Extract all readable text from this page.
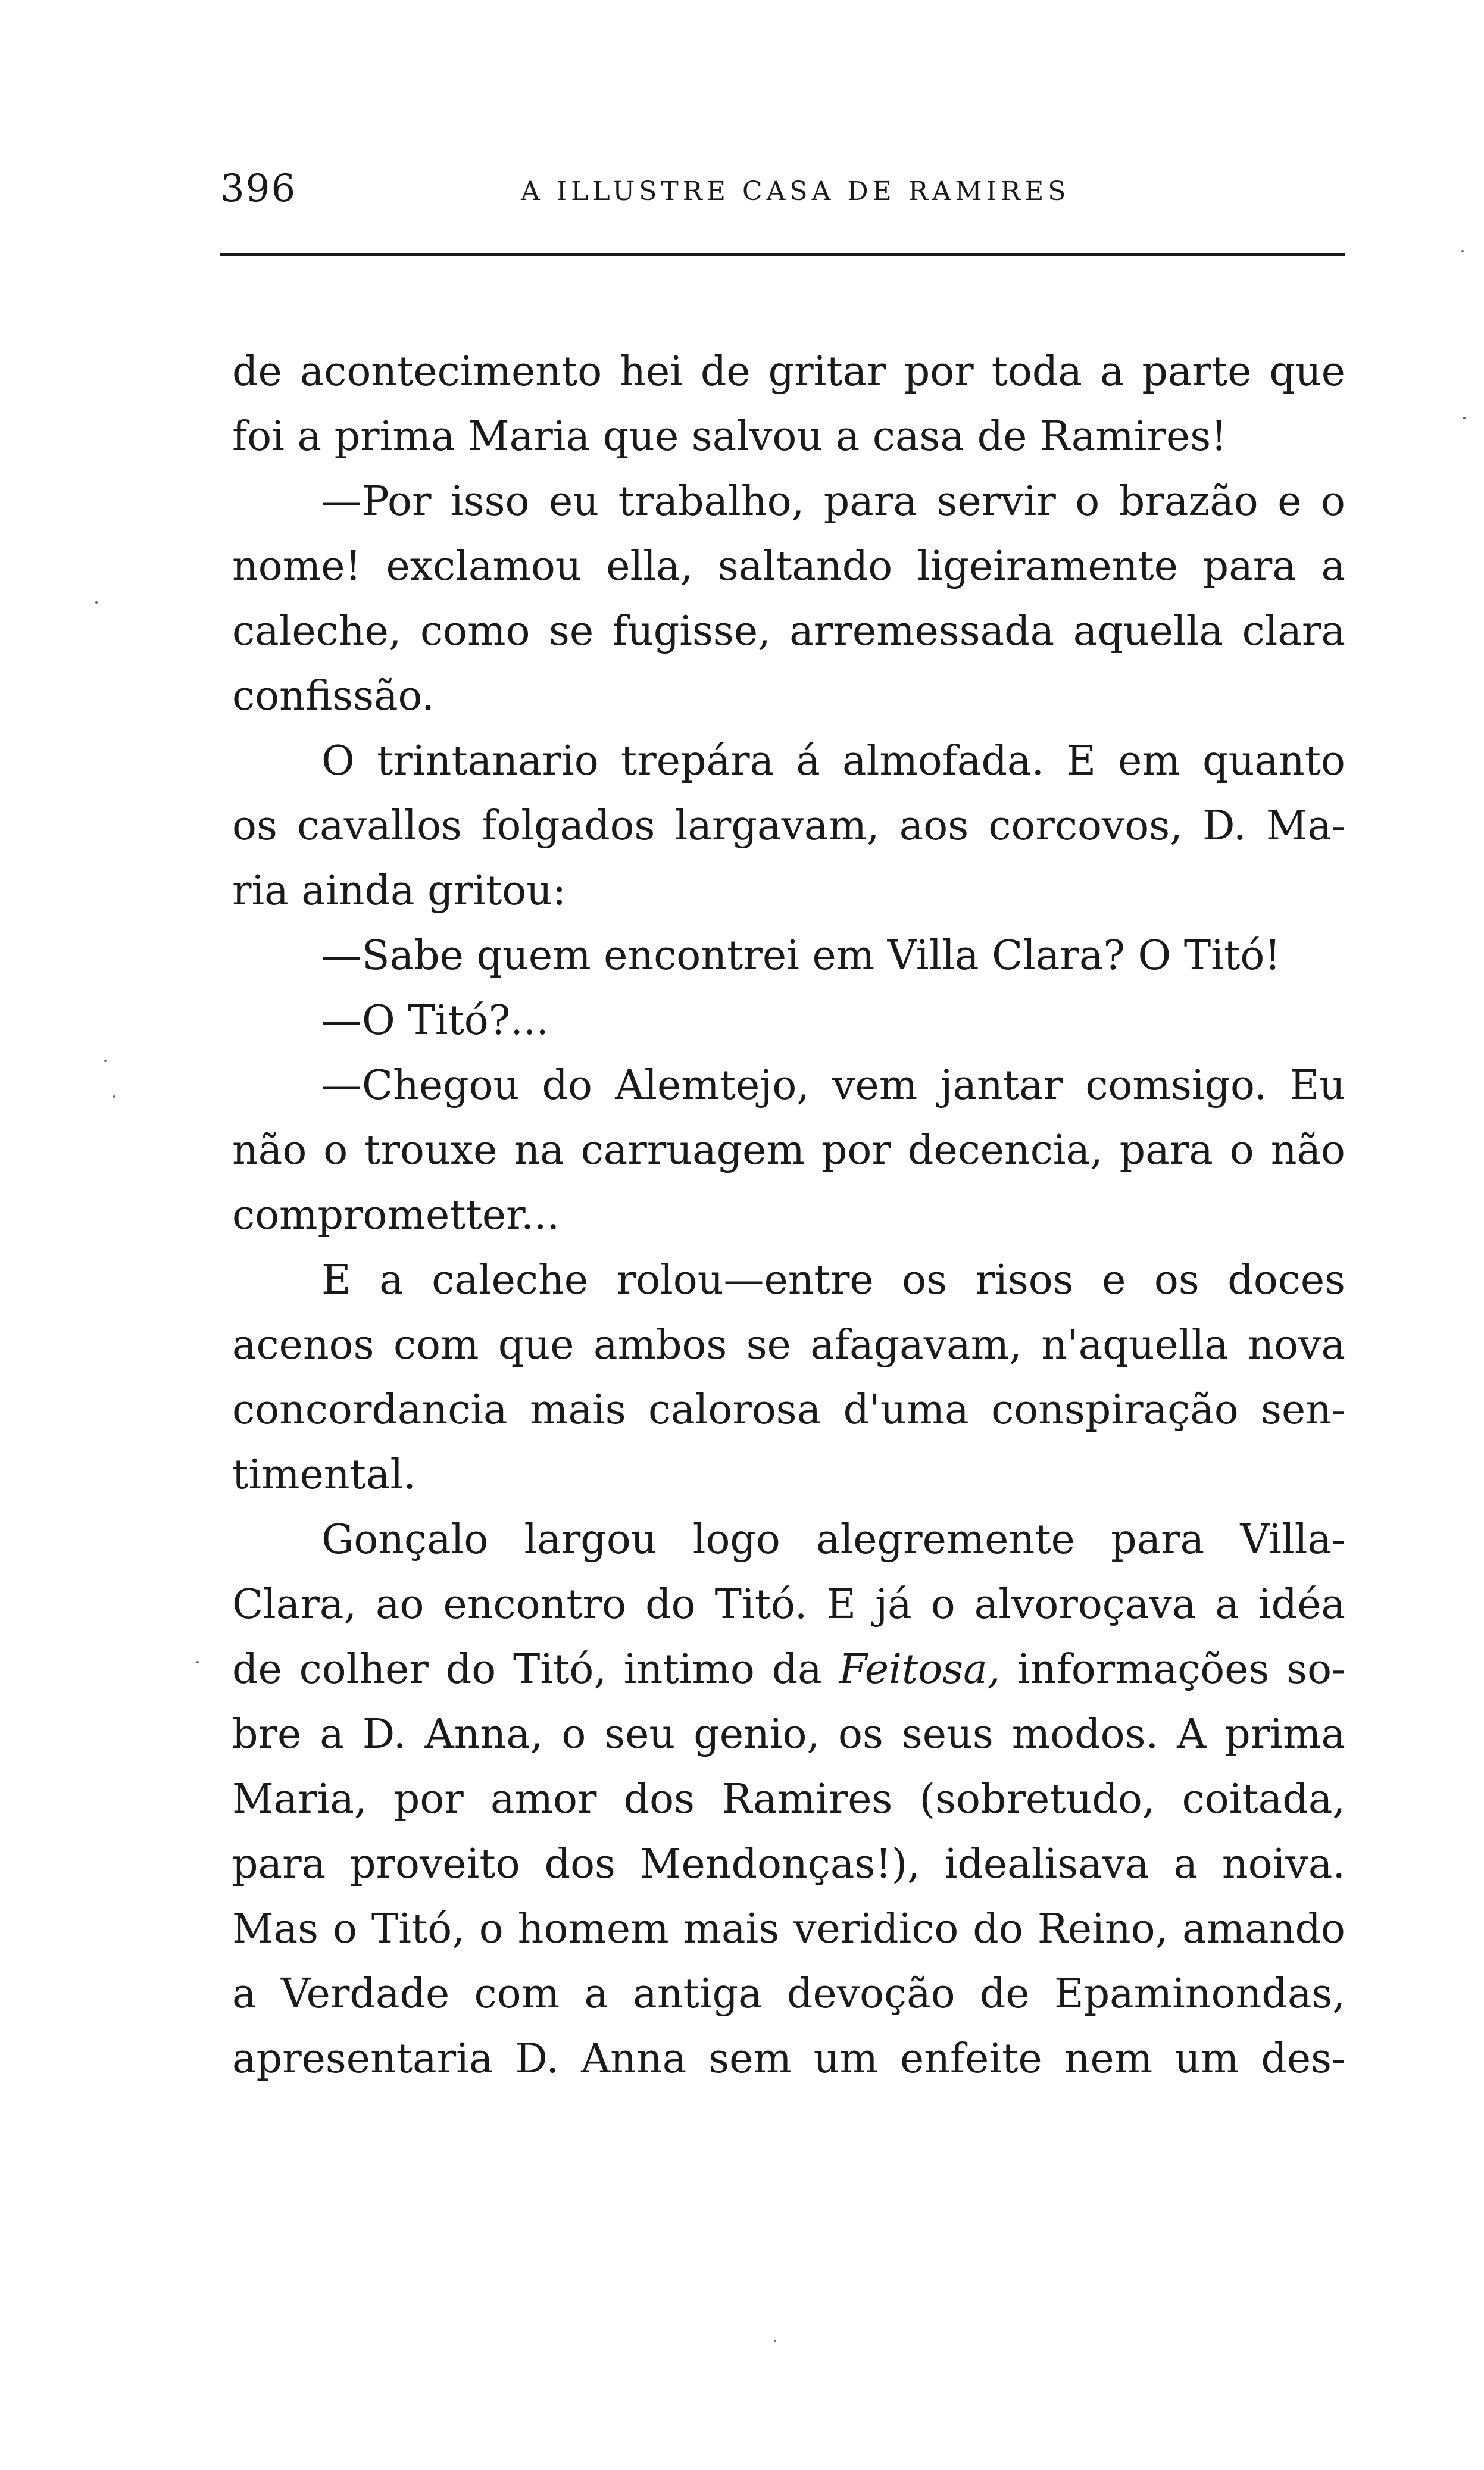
396	A ILLUSTRE CASA DE RAMIRES
de acontecimento hei de gritar por toda a parte que
foi a prima Maria que salvou a casa de Ramires!
—Por isso eu trabalho, para servir o brazão e o
nome! exclamou ella, saltando ligeiramente para a
caleche, como se fugisse, arremessada aquella clara
confissão.
O trintanario trepára á almofada. E em quanto
os cavallos folgados largavam, aos corcovos, D. Ma-
ria ainda gritou:
—Sabe quem encontrei em Villa Clara? O Titó!
—O Titó?...
—Chegou do Alemtejo, vem jantar comsigo. Eu
não o trouxe na carruagem por decencia, para o não
comprometter...
E a caleche rolou—entre os risos e os doces
acenos com que ambos se afagavam, n'aquella nova
concordancia mais calorosa d'uma conspiração sen-
timental.
Gonçalo largou logo alegremente para Villa-
Clara, ao encontro do Titó. E já o alvoroçava a idéa
de colher do Titó, intimo da Feitosa, informações so-
bre a D. Anna, o seu genio, os seus modos. A prima
Maria, por amor dos Ramires (sobretudo, coitada,
para proveito dos Mendonças!), idealisava a noiva.
Mas o Titó, o homem mais veridico do Reino, amando
a Verdade com a antiga devoção de Epaminondas,
apresentaria D. Anna sem um enfeite nem um des-
